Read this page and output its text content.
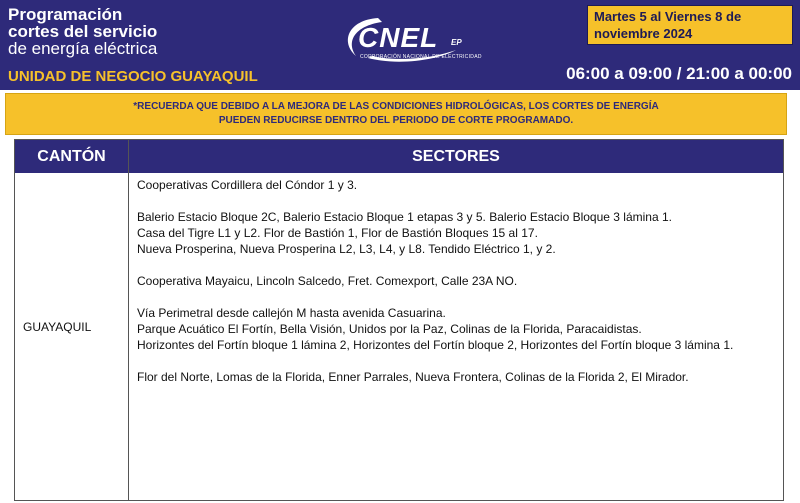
Programación
cortes del servicio
de energía eléctrica
UNIDAD DE NEGOCIO GUAYAQUIL
CNEL EP
CORPORACIÓN NACIONAL DE ELECTRICIDAD
Martes 5 al Viernes 8 de noviembre 2024
06:00 a 09:00 / 21:00 a 00:00
*RECUERDA QUE DEBIDO A LA MEJORA DE LAS CONDICIONES HIDROLÓGICAS, LOS CORTES DE ENERGÍA
PUEDEN REDUCIRSE DENTRO DEL PERIODO DE CORTE PROGRAMADO.
CANTÓN	SECTORES
GUAYAQUIL
Cooperativas Cordillera del Cóndor 1 y 3.
Balerio Estacio Bloque 2C, Balerio Estacio Bloque 1 etapas 3 y 5. Balerio Estacio Bloque 3 lámina 1.
Casa del Tigre L1 y L2. Flor de Bastión 1, Flor de Bastión Bloques 15 al 17.
Nueva Prosperina, Nueva Prosperina L2, L3, L4, y L8. Tendido Eléctrico 1, y 2.
Cooperativa Mayaicu, Lincoln Salcedo, Fret. Comexport, Calle 23A NO.
Vía Perimetral desde callejón M hasta avenida Casuarina.
Parque Acuático El Fortín, Bella Visión, Unidos por la Paz, Colinas de la Florida, Paracaidistas.
Horizontes del Fortín bloque 1 lámina 2, Horizontes del Fortín bloque 2, Horizontes del Fortín bloque 3 lámina 1.
Flor del Norte, Lomas de la Florida, Enner Parrales, Nueva Frontera, Colinas de la Florida 2, El Mirador.
